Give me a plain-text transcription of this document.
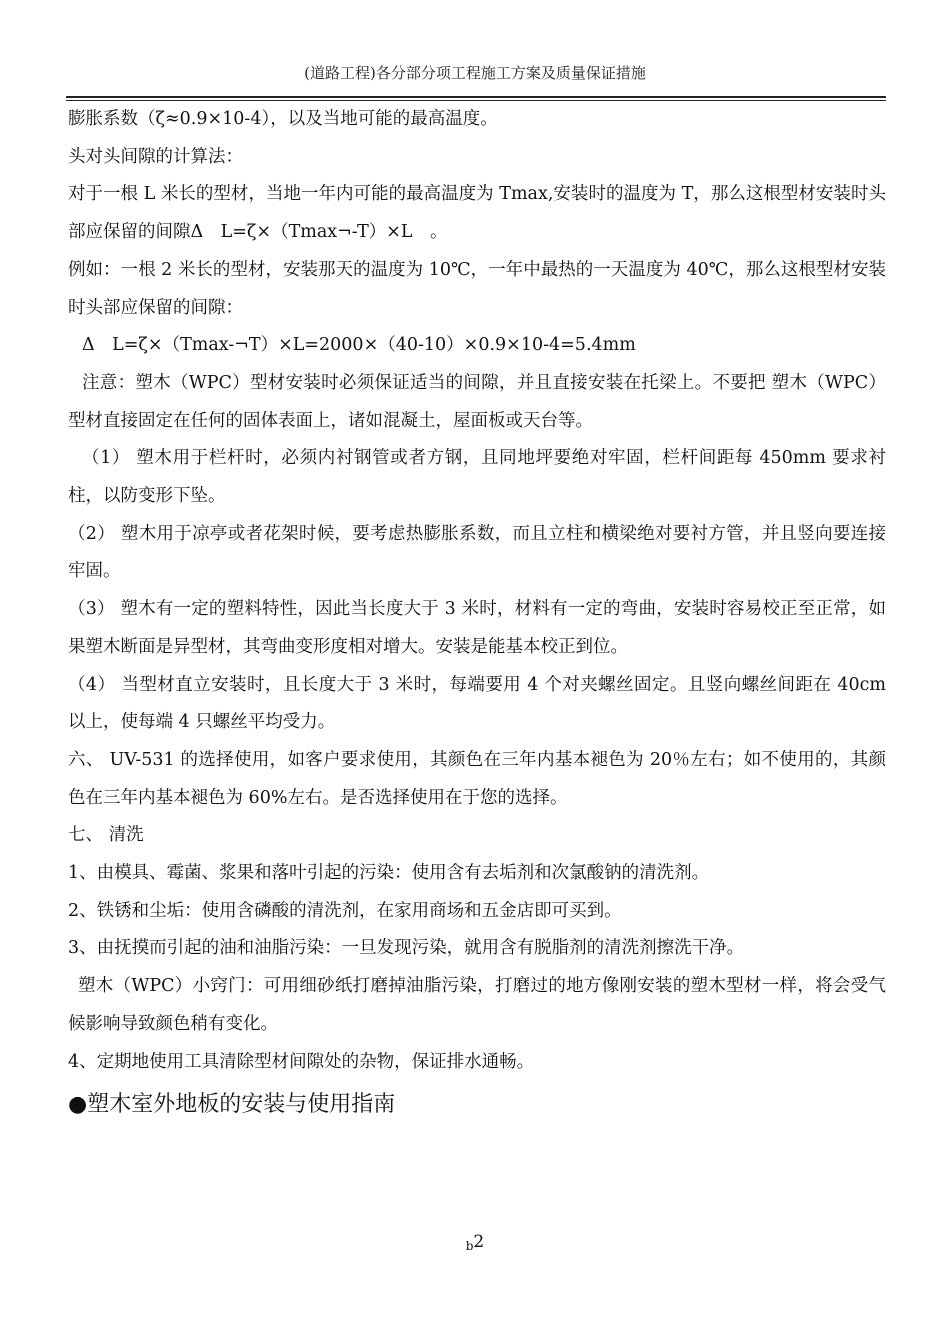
(道路工程)各分部分项工程施工方案及质量保证措施

膨胀系数（ζ≈0.9×10-4），以及当地可能的最高温度。

头对头间隙的计算法：

对于一根 L 米长的型材，当地一年内可能的最高温度为 Tmax,安装时的温度为 T，那么这根型材安装时头部应保留的间隙Δ　L=ζ×（Tmax¬-T）×L　。

例如：一根 2 米长的型材，安装那天的温度为 10℃，一年中最热的一天温度为 40℃，那么这根型材安装时头部应保留的间隙：

Δ　L=ζ×（Tmax-¬T）×L=2000×（40-10）×0.9×10-4=5.4mm

注意：塑木（WPC）型材安装时必须保证适当的间隙，并且直接安装在托梁上。不要把 塑木（WPC）型材直接固定在任何的固体表面上，诸如混凝土，屋面板或天台等。

（1） 塑木用于栏杆时，必须内衬钢管或者方钢，且同地坪要绝对牢固，栏杆间距每 450mm 要求衬柱，以防变形下坠。

（2） 塑木用于凉亭或者花架时候，要考虑热膨胀系数，而且立柱和横梁绝对要衬方管，并且竖向要连接牢固。

（3） 塑木有一定的塑料特性，因此当长度大于 3 米时，材料有一定的弯曲，安装时容易校正至正常，如果塑木断面是异型材，其弯曲变形度相对增大。安装是能基本校正到位。

（4） 当型材直立安装时，且长度大于 3 米时，每端要用 4 个对夹螺丝固定。且竖向螺丝间距在 40cm 以上，使每端 4 只螺丝平均受力。

六、 UV-531 的选择使用，如客户要求使用，其颜色在三年内基本褪色为 20％左右；如不使用的，其颜色在三年内基本褪色为 60%左右。是否选择使用在于您的选择。

七、 清洗

1、由模具、霉菌、浆果和落叶引起的污染：使用含有去垢剂和次氯酸钠的清洗剂。

2、铁锈和尘垢：使用含磷酸的清洗剂，在家用商场和五金店即可买到。

3、由抚摸而引起的油和油脂污染：一旦发现污染，就用含有脱脂剂的清洗剂擦洗干净。

塑木（WPC）小窍门：可用细砂纸打磨掉油脂污染，打磨过的地方像刚安装的塑木型材一样，将会受气候影响导致颜色稍有变化。

4、定期地使用工具清除型材间隙处的杂物，保证排水通畅。

●塑木室外地板的安装与使用指南

b2
